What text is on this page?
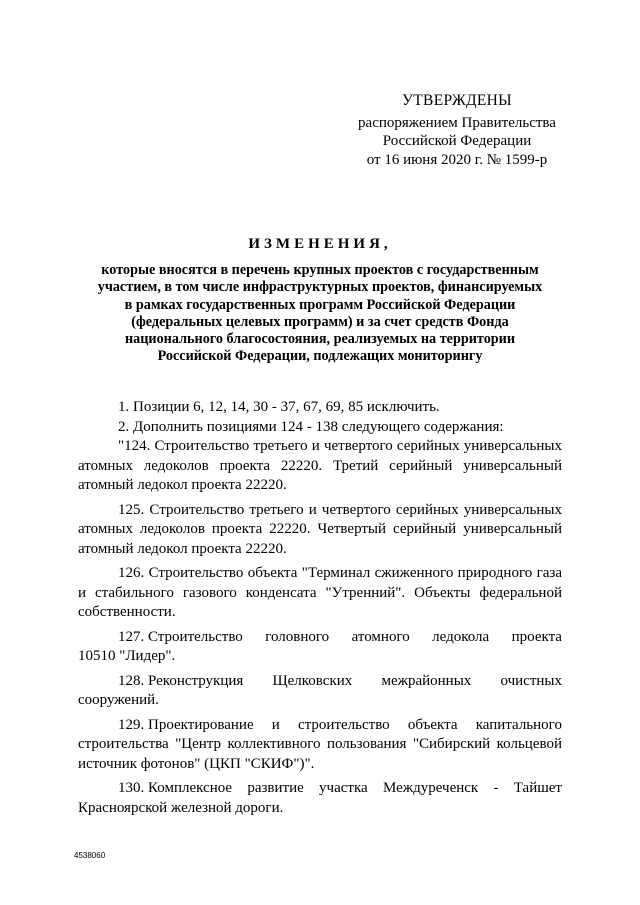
УТВЕРЖДЕНЫ
распоряжением Правительства
Российской Федерации
от 16 июня 2020 г. № 1599-р
ИЗМЕНЕНИЯ,
которые вносятся в перечень крупных проектов с государственным
участием, в том числе инфраструктурных проектов, финансируемых
в рамках государственных программ Российской Федерации
(федеральных целевых программ) и за счет средств Фонда
национального благосостояния, реализуемых на территории
Российской Федерации, подлежащих мониторингу
1. Позиции 6, 12, 14, 30 - 37, 67, 69, 85 исключить.
2. Дополнить позициями 124 - 138 следующего содержания:
"124. Строительство третьего и четвертого серийных универсальных атомных ледоколов проекта 22220. Третий серийный универсальный атомный ледокол проекта 22220.
125. Строительство третьего и четвертого серийных универсальных атомных ледоколов проекта 22220. Четвертый серийный универсальный атомный ледокол проекта 22220.
126. Строительство объекта "Терминал сжиженного природного газа и стабильного газового конденсата "Утренний". Объекты федеральной собственности.
127. Строительство головного атомного ледокола проекта
10510 "Лидер".
128. Реконструкция Щелковских межрайонных очистных
сооружений.
129. Проектирование и строительство объекта капитального
строительства "Центр коллективного пользования "Сибирский кольцевой источник фотонов" (ЦКП "СКИФ")".
130. Комплексное развитие участка Междуреченск - Тайшет
Красноярской железной дороги.
4538060
